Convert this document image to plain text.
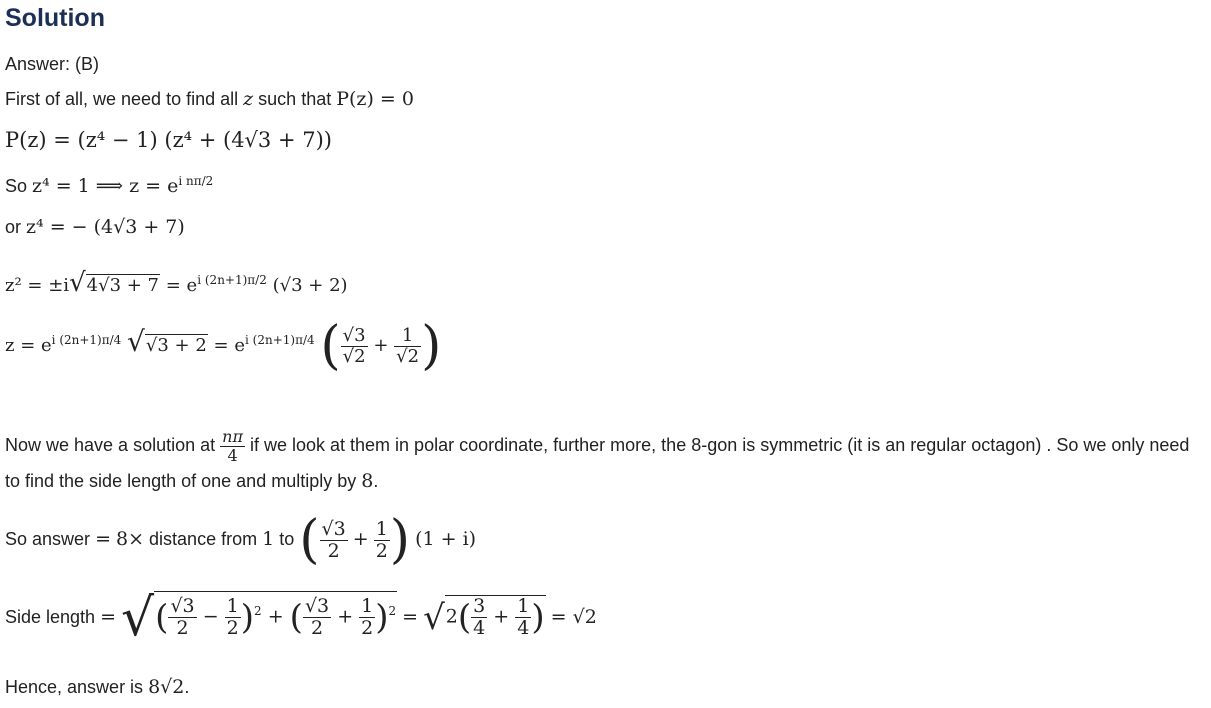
Solution
Answer: (B)
First of all, we need to find all z such that P(z) = 0
P(z) = (z⁴ − 1) (z⁴ + (4√3 + 7))
So z⁴ = 1 ⟹ $z = e^{i n\pi/2}$
or z⁴ = − (4√3 + 7)
$z^2 = \pm i√4√3 + 7 = e^{i (2n+1)\pi/2}$ (√3 + 2)
$z = e^{i (2n+1)\pi/4}$ $√√3 + 2 = e^{i (2n+1)\pi/4}$ ( $\frac{√3}{√2} + \frac{1}{√2}$ )
Now we have a solution at $\frac{n\pi}{4}$ if we look at them in polar coordinate, further more, the 8-gon is symmetric (it is an regular octagon) . So we only need to find the side length of one and multiply by 8.
So answer = 8× distance from 1 to ( $\frac{√3}{2} + \frac{1}{2}$ ) (1 + i)
Side length = √( $\frac{√3}{2} - \frac{1}{2} )^2$ + ( $\frac{√3}{2} + \frac{1}{2} )^2 = √2( \frac{3}{4} + \frac{1}{4}$ ) = √2
Hence, answer is 8√2.
